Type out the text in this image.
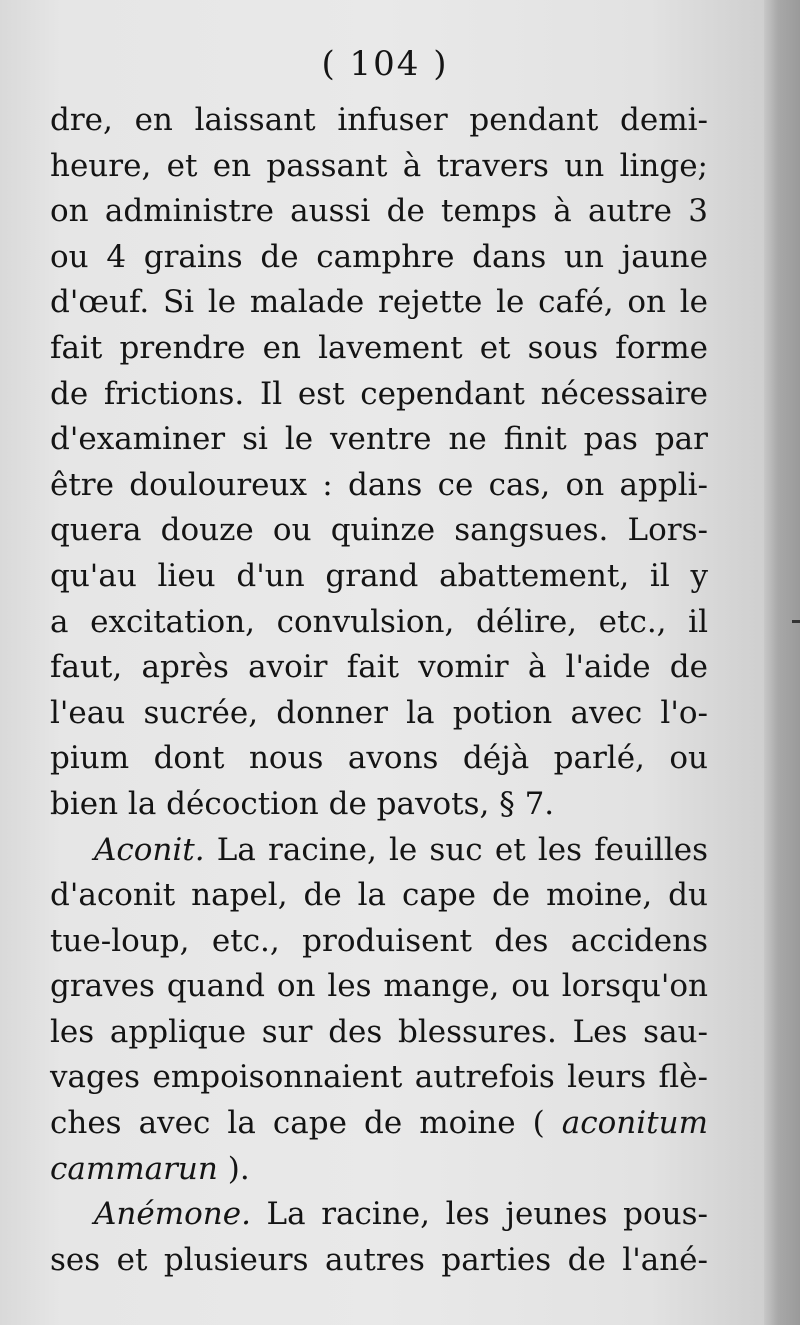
( 104 )
dre, en laissant infuser pendant demi-
heure, et en passant à travers un linge;
on administre aussi de temps à autre 3
ou 4 grains de camphre dans un jaune
d'œuf. Si le malade rejette le café, on le
fait prendre en lavement et sous forme
de frictions. Il est cependant nécessaire
d'examiner si le ventre ne finit pas par
être douloureux : dans ce cas, on appli-
quera douze ou quinze sangsues. Lors-
qu'au lieu d'un grand abattement, il y
a excitation, convulsion, délire, etc., il
faut, après avoir fait vomir à l'aide de
l'eau sucrée, donner la potion avec l'o-
pium dont nous avons déjà parlé, ou
bien la décoction de pavots, § 7.
Aconit. La racine, le suc et les feuilles
d'aconit napel, de la cape de moine, du
tue-loup, etc., produisent des accidens
graves quand on les mange, ou lorsqu'on
les applique sur des blessures. Les sau-
vages empoisonnaient autrefois leurs flè-
ches avec la cape de moine ( aconitum
cammarun ).
Anémone. La racine, les jeunes pous-
ses et plusieurs autres parties de l'ané-
